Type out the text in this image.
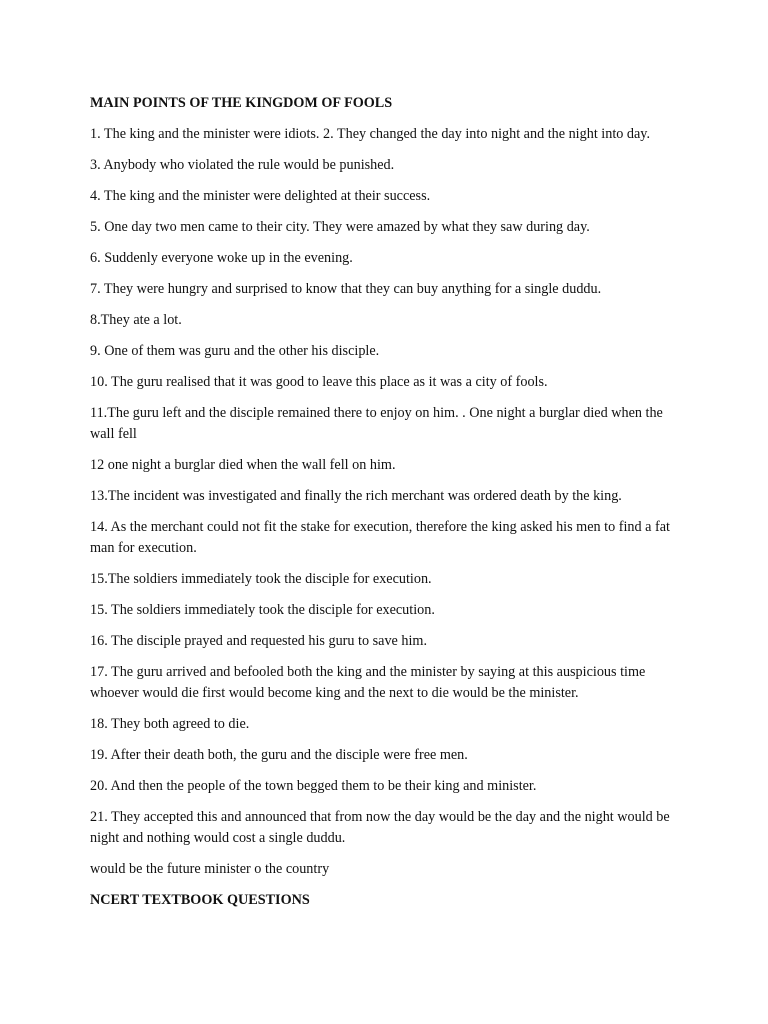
MAIN POINTS OF THE KINGDOM OF FOOLS
1. The king and the minister were idiots. 2. They changed the day into night and the night into day.
3. Anybody who violated the rule would be punished.
4. The king and the minister were delighted at their success.
5. One day two men came to their city. They were amazed by what they saw during day.
6. Suddenly everyone woke up in the evening.
7. They were hungry and surprised to know that they can buy anything for a single duddu.
8.They ate a lot.
9. One of them was guru and the other his disciple.
10. The guru realised that it was good to leave this place as it was a city of fools.
11.The guru left and the disciple remained there to enjoy on him. . One night a burglar died when the wall fell
12 one night a burglar died when the wall fell on him.
13.The incident was investigated and finally the rich merchant was ordered death by the king.
14. As the merchant could not fit the stake for execution, therefore the king asked his men to find a fat man for execution.
15.The soldiers immediately took the disciple for execution.
15. The soldiers immediately took the disciple for execution.
16. The disciple prayed and requested his guru to save him.
17. The guru arrived and befooled both the king and the minister by saying at this auspicious time whoever would die first would become king and the next to die would be the minister.
18. They both agreed to die.
19. After their death both, the guru and the disciple were free men.
20. And then the people of the town begged them to be their king and minister.
21. They accepted this and announced that from now the day would be the day and the night would be night and nothing would cost a single duddu.
would be the future minister o the country
NCERT TEXTBOOK QUESTIONS
